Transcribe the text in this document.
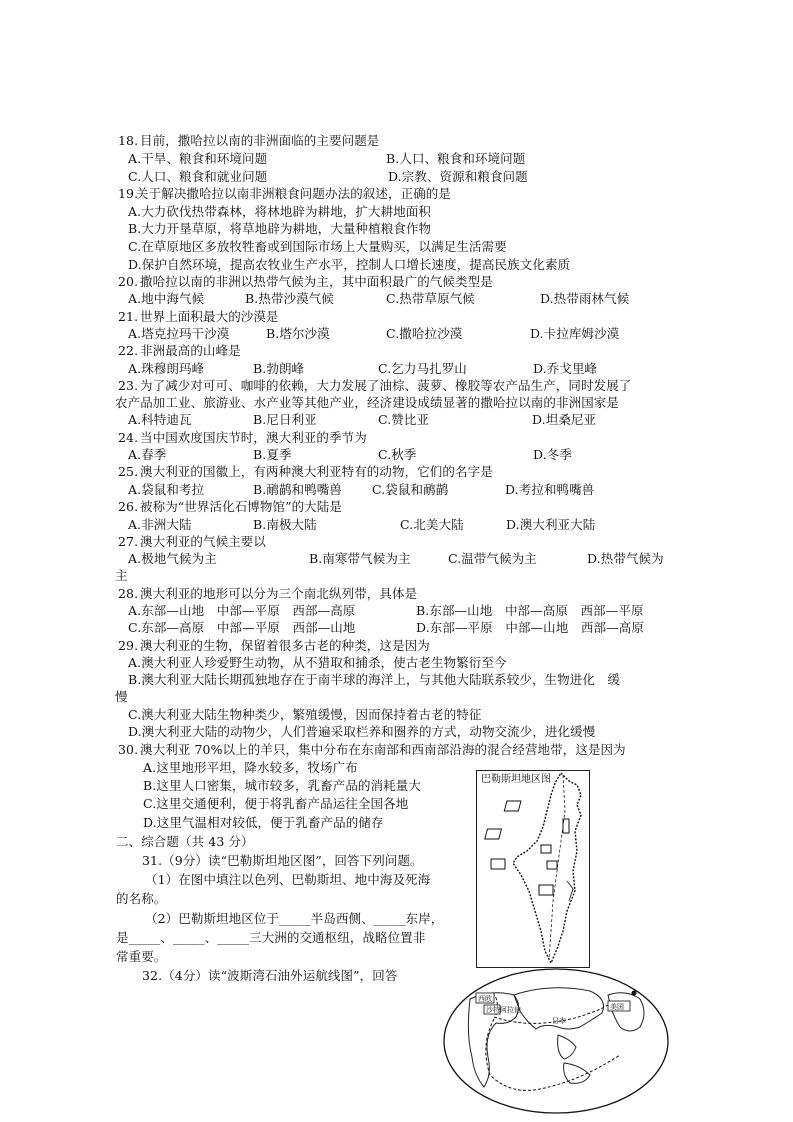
18. 目前，撒哈拉以南的非洲面临的主要问题是
A.干旱、粮食和环境问题	B.人口、粮食和环境问题
C.人口、粮食和就业问题	D.宗教、资源和粮食问题
19.
关于解决撒哈拉以南非洲粮食问题办法的叙述，正确的是
A.大力砍伐热带森林，将林地辟为耕地，扩大耕地面积
B.大力开垦草原，将草地辟为耕地，大量种植粮食作物
C.在草原地区多放牧牲畜或到国际市场上大量购买，以满足生活需要
D.保护自然环境，提高农牧业生产水平，控制人口增长速度，提高民族文化素质
20. 撒哈拉以南的非洲以热带气候为主，其中面积最广的气候类型是
A.地中海气候	B.热带沙漠气候	C.热带草原气候	D.热带雨林气候
21. 世界上面积最大的沙漠是
A.塔克拉玛干沙漠	B.塔尔沙漠	C.撒哈拉沙漠	D.卡拉库姆沙漠
22. 非洲最高的山峰是
A.珠穆朗玛峰	B.勃朗峰	C.乞力马扎罗山	D.乔戈里峰
23. 为了减少对可可、咖啡的依赖，大力发展了油棕、菠萝、橡胶等农产品生产，同时发展了
农产品加工业、旅游业、水产业等其他产业，经济建设成绩显著的撒哈拉以南的非洲国家是
A.科特迪瓦	B.尼日利亚	C.赞比亚	D.坦桑尼亚
24. 当中国欢度国庆节时，澳大利亚的季节为
A.春季	B.夏季	C.秋季	D.冬季
25. 澳大利亚的国徽上，有两种澳大利亚特有的动物，它们的名字是
A.袋鼠和考拉	B.鸸鹋和鸭嘴兽 C.袋鼠和鸸鹋	D.考拉和鸭嘴兽
26. 被称为“世界活化石博物馆”的大陆是
A.非洲大陆	B.南极大陆	C.北美大陆	D.澳大利亚大陆
27. 澳大利亚的气候主要以
A.极地气候为主	B.南寒带气候为主	C.温带气候为主	D.热带气候为
主
28. 澳大利亚的地形可以分为三个南北纵列带，具体是
A.东部—山地　中部—平原　西部—高原	B.东部—山地　中部—高原　西部—平原
C.东部—高原　中部—平原　西部—山地	D.东部—平原　中部—山地　西部—高原
29. 澳大利亚的生物，保留着很多古老的种类，这是因为
A.澳大利亚人珍爱野生动物，从不猎取和捕杀，使古老生物繁衍至今
B.澳大利亚大陆长期孤独地存在于南半球的海洋上，与其他大陆联系较少，生物进化　缓
慢
C.澳大利亚大陆生物种类少，繁殖缓慢，因而保持着古老的特征
D.澳大利亚大陆的动物少，人们普遍采取栏养和圈养的方式，动物交流少，进化缓慢
30. 澳大利亚 70%以上的羊只，集中分布在东南部和西南部沿海的混合经营地带，这是因为
A.这里地形平坦，降水较多，牧场广布
B.这里人口密集，城市较多，乳畜产品的消耗量大
C.这里交通便利，便于将乳畜产品运往全国各地
D.这里气温相对较低，便于乳畜产品的储存
二、综合题（共 43 分）
31.（9分）读“巴勒斯坦地区图”，回答下列问题。
（1）在图中填注以色列、巴勒斯坦、地中海及死海
的名称。
（2）巴勒斯坦地区位于_____半岛西侧、_____东岸，
是_____、_____、_____三大洲的交通枢纽，战略位置非
常重要。
32.（4分）读“波斯湾石油外运航线图”，回答
巴勒斯坦地区图
西欧
沙特阿拉伯
日本
美国
